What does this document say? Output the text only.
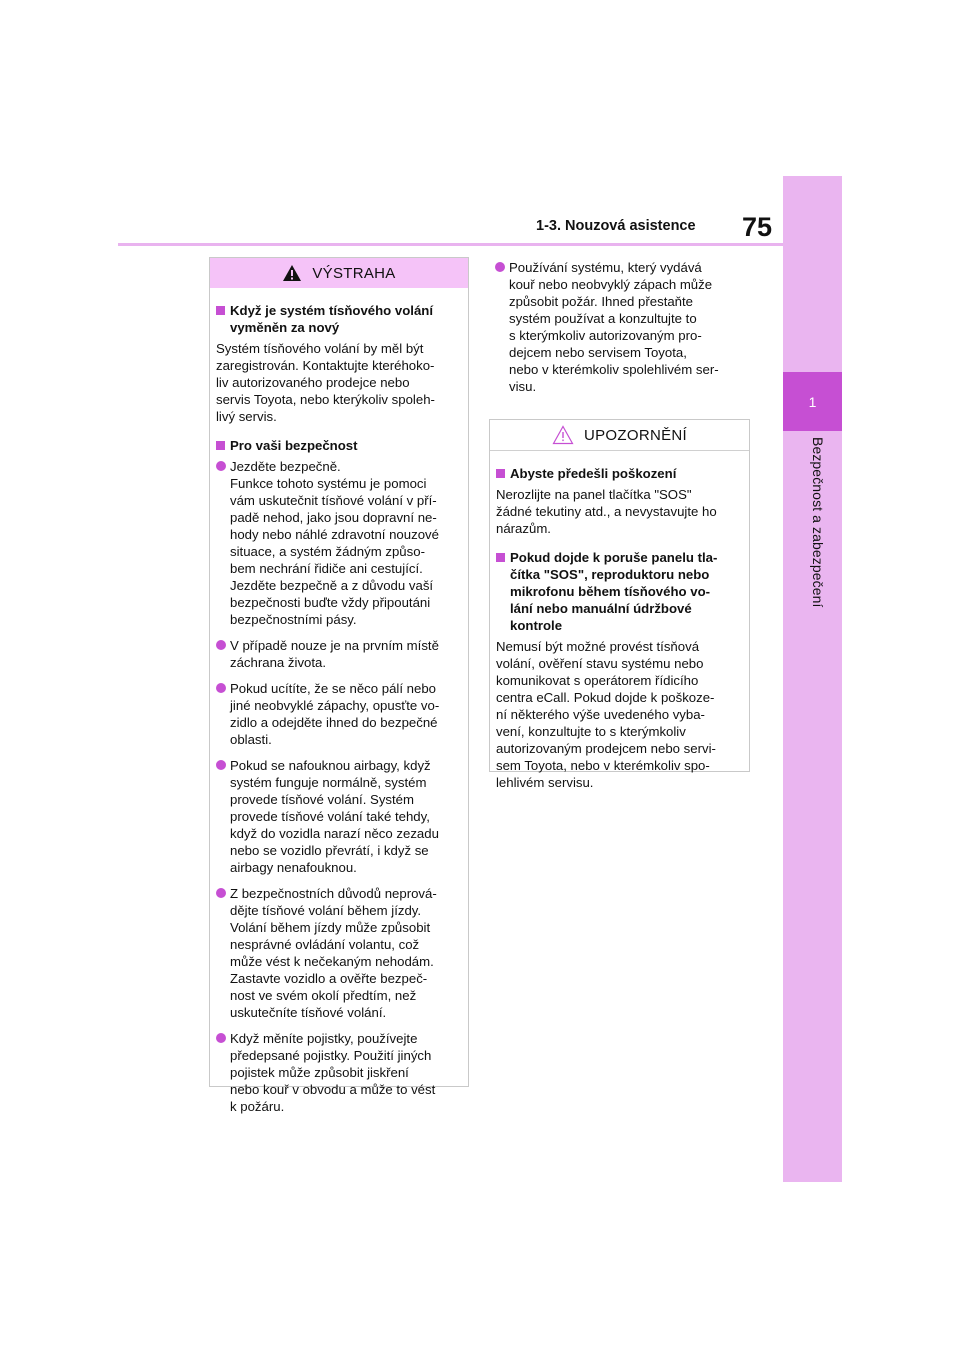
1-3. Nouzová asistence 75
1
Bezpečnost a zabezpečení
VÝSTRAHA
Když je systém tísňového volání
vyměněn za nový
Systém tísňového volání by měl být
zaregistrován. Kontaktujte kteréhoko-
liv autorizovaného prodejce nebo
servis Toyota, nebo kterýkoliv spoleh-
livý servis.
Pro vaši bezpečnost
Jezděte bezpečně.
Funkce tohoto systému je pomoci
vám uskutečnit tísňové volání v pří-
padě nehod, jako jsou dopravní ne-
hody nebo náhlé zdravotní nouzové
situace, a systém žádným způso-
bem nechrání řidiče ani cestující.
Jezděte bezpečně a z důvodu vaší
bezpečnosti buďte vždy připoutáni
bezpečnostními pásy.
V případě nouze je na prvním místě
záchrana života.
Pokud ucítíte, že se něco pálí nebo
jiné neobvyklé zápachy, opusťte vo-
zidlo a odejděte ihned do bezpečné
oblasti.
Pokud se nafouknou airbagy, když
systém funguje normálně, systém
provede tísňové volání. Systém
provede tísňové volání také tehdy,
když do vozidla narazí něco zezadu
nebo se vozidlo převrátí, i když se
airbagy nenafouknou.
Z bezpečnostních důvodů neprová-
dějte tísňové volání během jízdy.
Volání během jízdy může způsobit
nesprávné ovládání volantu, což
může vést k nečekaným nehodám.
Zastavte vozidlo a ověřte bezpeč-
nost ve svém okolí předtím, než
uskutečníte tísňové volání.
Když měníte pojistky, používejte
předepsané pojistky. Použití jiných
pojistek může způsobit jiskření
nebo kouř v obvodu a může to vést
k požáru.
Používání systému, který vydává
kouř nebo neobvyklý zápach může
způsobit požár. Ihned přestaňte
systém používat a konzultujte to
s kterýmkoliv autorizovaným pro-
dejcem nebo servisem Toyota,
nebo v kterémkoliv spolehlivém ser-
visu.
UPOZORNĚNÍ
Abyste předešli poškození
Nerozlijte na panel tlačítka "SOS"
žádné tekutiny atd., a nevystavujte ho
nárazům.
Pokud dojde k poruše panelu tla-
čítka "SOS", reproduktoru nebo
mikrofonu během tísňového vo-
lání nebo manuální údržbové
kontrole
Nemusí být možné provést tísňová
volání, ověření stavu systému nebo
komunikovat s operátorem řídicího
centra eCall. Pokud dojde k poškoze-
ní některého výše uvedeného vyba-
vení, konzultujte to s kterýmkoliv
autorizovaným prodejcem nebo servi-
sem Toyota, nebo v kterémkoliv spo-
lehlivém servisu.
